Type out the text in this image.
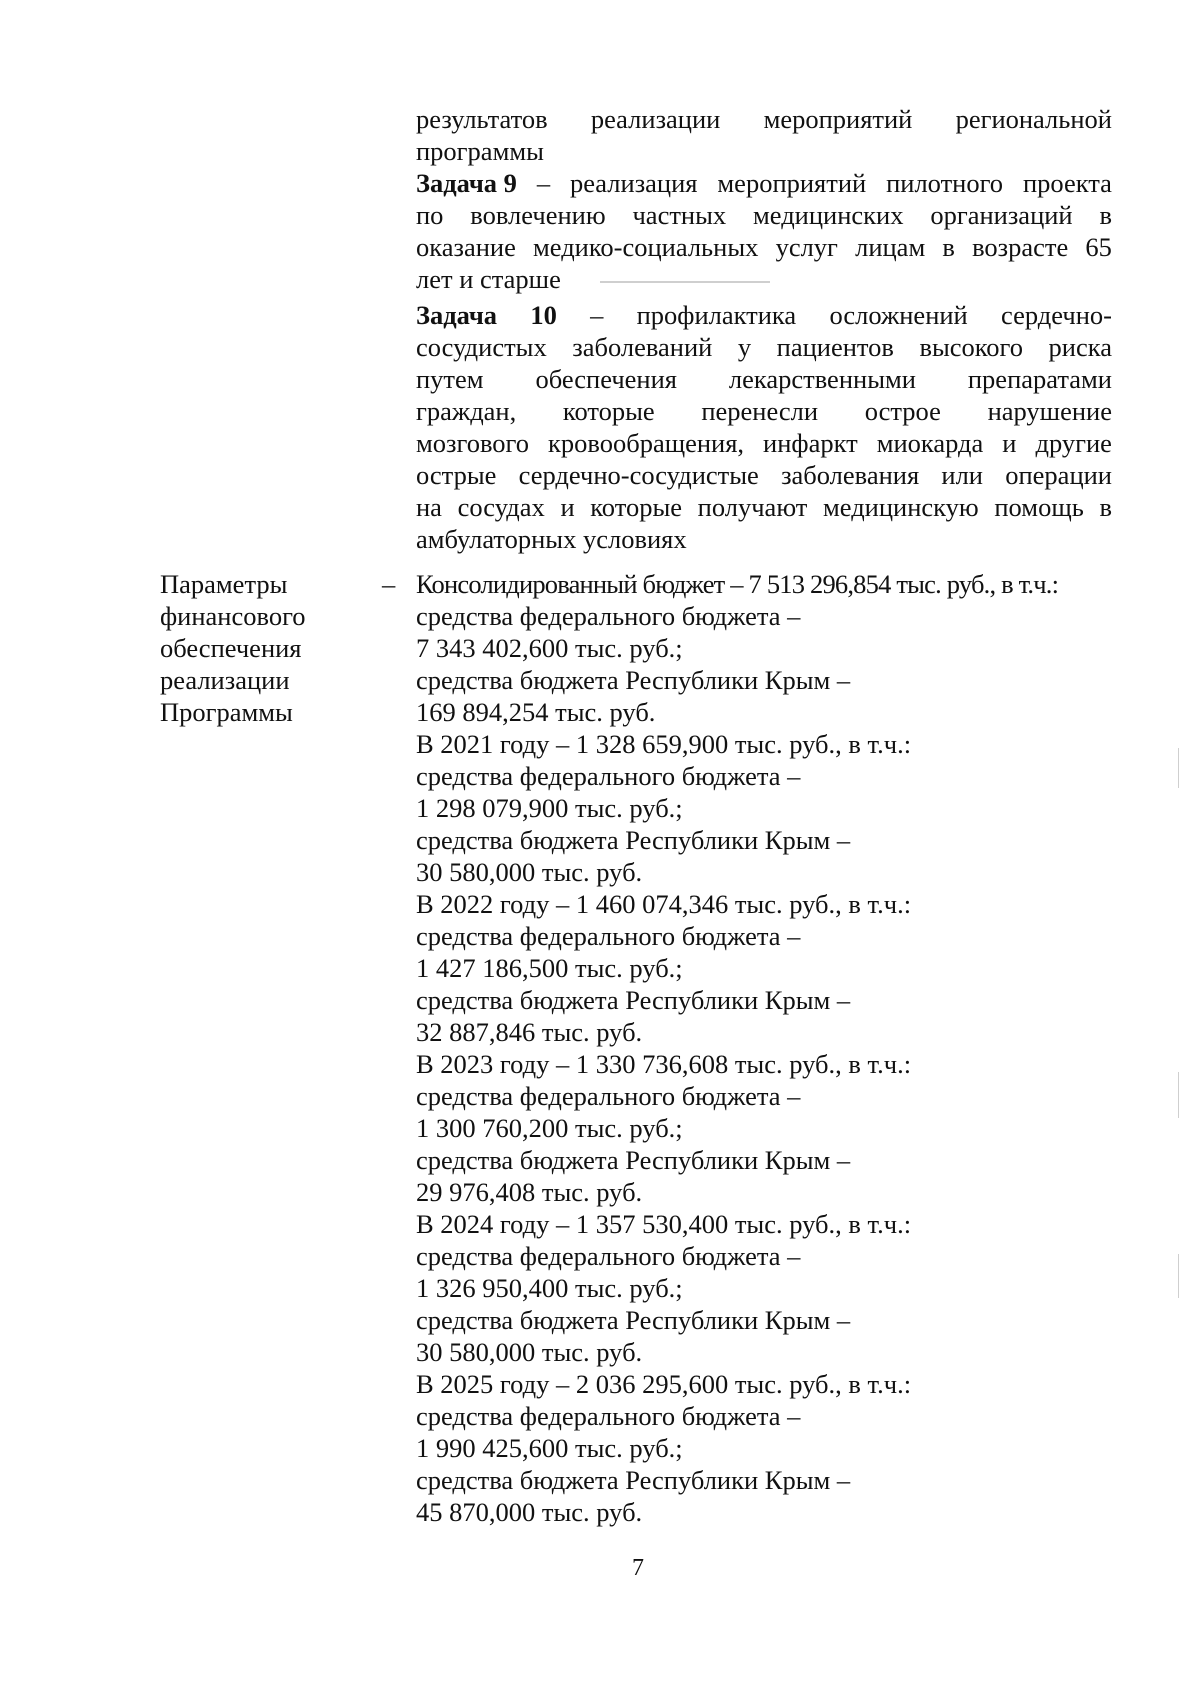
результатов реализации мероприятий региональной
программы
Задача 9 – реализация мероприятий пилотного проекта
по вовлечению частных медицинских организаций в
оказание медико-социальных услуг лицам в возрасте 65
лет и старше
Задача 10 – профилактика осложнений сердечно-
сосудистых заболеваний у пациентов высокого риска
путем обеспечения лекарственными препаратами
граждан, которые перенесли острое нарушение
мозгового кровообращения, инфаркт миокарда и другие
острые сердечно-сосудистые заболевания или операции
на сосудах и которые получают медицинскую помощь в
амбулаторных условиях
Параметры
финансового
обеспечения
реализации
Программы
– Консолидированный бюджет – 7 513 296,854 тыс. руб., в т.ч.:
средства федерального бюджета –
7 343 402,600 тыс. руб.;
средства бюджета Республики Крым –
169 894,254 тыс. руб.
В 2021 году – 1 328 659,900 тыс. руб., в т.ч.:
средства федерального бюджета –
1 298 079,900 тыс. руб.;
средства бюджета Республики Крым –
30 580,000 тыс. руб.
В 2022 году – 1 460 074,346 тыс. руб., в т.ч.:
средства федерального бюджета –
1 427 186,500 тыс. руб.;
средства бюджета Республики Крым –
32 887,846 тыс. руб.
В 2023 году – 1 330 736,608 тыс. руб., в т.ч.:
средства федерального бюджета –
1 300 760,200 тыс. руб.;
средства бюджета Республики Крым –
29 976,408 тыс. руб.
В 2024 году – 1 357 530,400 тыс. руб., в т.ч.:
средства федерального бюджета –
1 326 950,400 тыс. руб.;
средства бюджета Республики Крым –
30 580,000 тыс. руб.
В 2025 году – 2 036 295,600 тыс. руб., в т.ч.:
средства федерального бюджета –
1 990 425,600 тыс. руб.;
средства бюджета Республики Крым –
45 870,000 тыс. руб.
7
